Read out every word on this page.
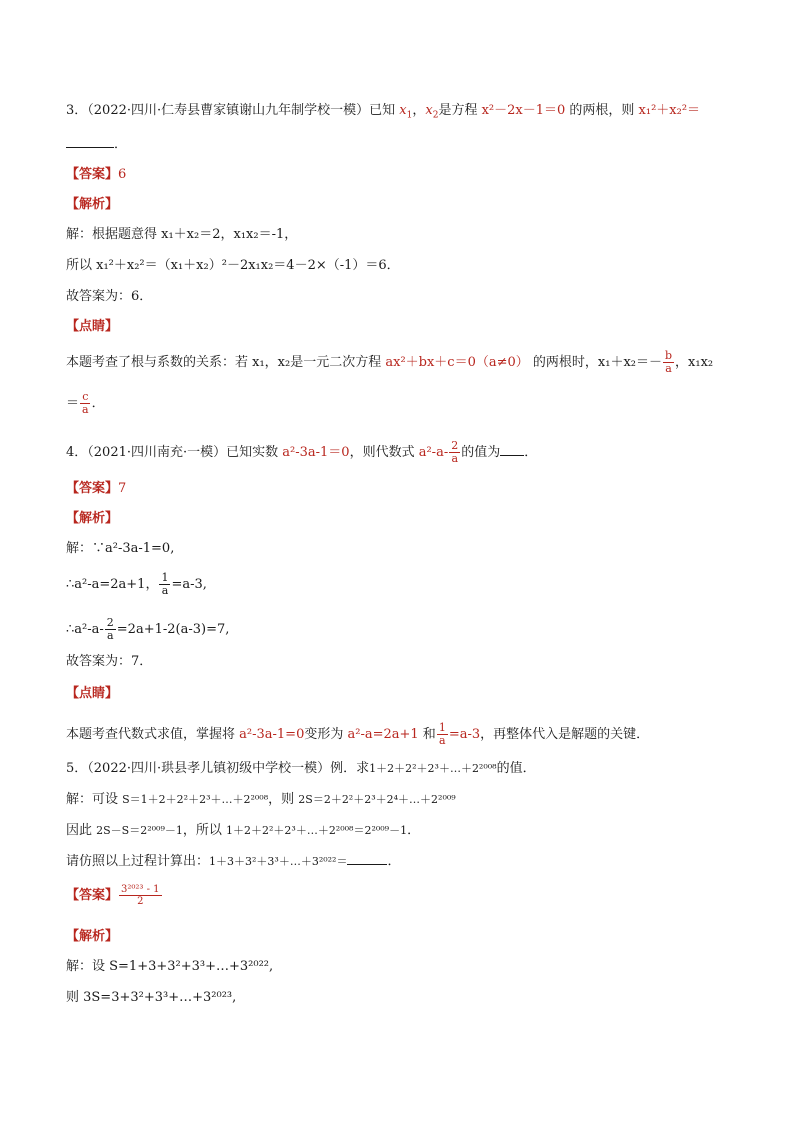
3．（2022·四川·仁寿县曹家镇谢山九年制学校一模）已知 $x_1$，$x_2$是方程 x²－2x－1＝0 的两根，则 x₁²＋x₂²＝
．
【答案】6
【解析】
解：根据题意得 x₁＋x₂＝2，x₁x₂＝-1，
所以 x₁²＋x₂²＝（x₁＋x₂）²－2x₁x₂＝4－2×（-1）＝6．
故答案为：6．
【点睛】
本题考查了根与系数的关系：若 x₁，x₂是一元二次方程 ax²＋bx＋c＝0（a≠0） 的两根时，$x_1+x_2=- \frac{b}{a}$ ，x₁x₂
＝ $\frac{c}{a}$ ．
4．（2021·四川南充·一模）已知实数 a²-3a-1＝0，则代数式 $a^2-a- \frac{2}{a}$ 的值为 ．
【答案】7
【解析】
解：∵a²-3a-1=0,
∴a²-a=2a+1， $\frac{1}{a} =a-3$,
∴a²-a- $\frac{2}{a} =2a+1-2(a-3)=7$,
故答案为：7．
【点睛】
本题考查代数式求值，掌握将 a²-3a-1=0变形为 a²-a=2a+1 和 $\frac{1}{a} =a-3$，再整体代入是解题的关键．
5．（2022·四川·珙县孝儿镇初级中学校一模）例．求1＋2＋2²＋2³＋…＋2²⁰⁰⁸的值．
解：可设 S＝1＋2＋2²＋2³＋…＋2²⁰⁰⁸，则 2S＝2＋2²＋2³＋2⁴＋…＋2²⁰⁰⁹
因此 2S－S＝2²⁰⁰⁹－1，所以 1＋2＋2²＋2³＋…＋2²⁰⁰⁸＝2²⁰⁰⁹－1．
请仿照以上过程计算出：1＋3＋3²＋3³＋…＋3²⁰²²＝	．
【答案】 $\frac{\text{3²⁰²³ - 1}}{2}$
【解析】
解：设 S=1+3+3²+3³+…+3²⁰²²,
则 3S=3+3²+3³+…+3²⁰²³,
